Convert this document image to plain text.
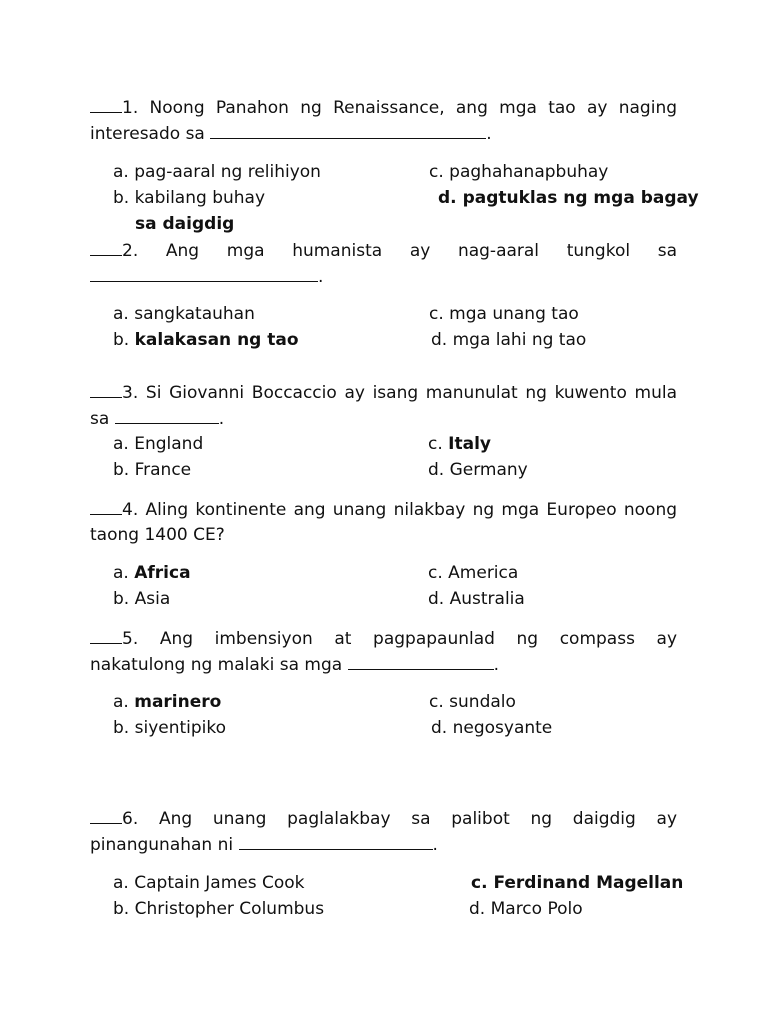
1. Noong Panahon ng Renaissance, ang mga tao ay naging
interesado sa	.
a. pag-aaral ng relihiyon
b. kabilang buhay
c. paghahanapbuhay
d. pagtuklas ng mga bagay
sa daigdig
2. Ang mga humanista ay nag-aaral tungkol sa
.
a. sangkatauhan
b. kalakasan ng tao
c. mga unang tao
d. mga lahi ng tao
3. Si Giovanni Boccaccio ay isang manunulat ng kuwento mula
sa	.
a. England
b. France
c. Italy
d. Germany
4. Aling kontinente ang unang nilakbay ng mga Europeo noong
taong 1400 CE?
a. Africa
b. Asia
c. America
d. Australia
5. Ang imbensiyon at pagpapaunlad ng compass ay
nakatulong ng malaki sa mga	.
a. marinero
b. siyentipiko
c. sundalo
d. negosyante
6. Ang unang paglalakbay sa palibot ng daigdig ay
pinangunahan ni	.
a. Captain James Cook
b. Christopher Columbus
c. Ferdinand Magellan
d. Marco Polo
